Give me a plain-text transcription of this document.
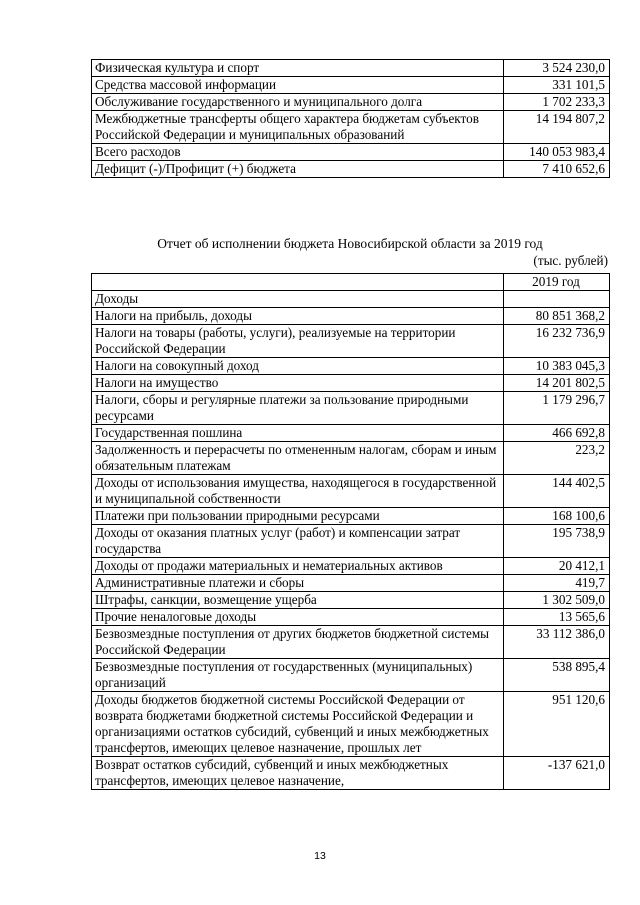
Физическая культура и спорт	3 524 230,0
Средства массовой информации	331 101,5
Обслуживание государственного и муниципального долга	1 702 233,3
Межбюджетные трансферты общего характера бюджетам субъектов Российской Федерации и муниципальных образований	14 194 807,2
Всего расходов	140 053 983,4
Дефицит (-)/Профицит (+) бюджета	7 410 652,6
Отчет об исполнении бюджета Новосибирской области за 2019 год
(тыс. рублей)
	2019 год
Доходы	
Налоги на прибыль, доходы	80 851 368,2
Налоги на товары (работы, услуги), реализуемые на территории Российской Федерации	16 232 736,9
Налоги на совокупный доход	10 383 045,3
Налоги на имущество	14 201 802,5
Налоги, сборы и регулярные платежи за пользование природными ресурсами	1 179 296,7
Государственная пошлина	466 692,8
Задолженность и перерасчеты по отмененным налогам, сборам и иным обязательным платежам	223,2
Доходы от использования имущества, находящегося в государственной и муниципальной собственности	144 402,5
Платежи при пользовании природными ресурсами	168 100,6
Доходы от оказания платных услуг (работ) и компенсации затрат государства	195 738,9
Доходы от продажи материальных и нематериальных активов	20 412,1
Административные платежи и сборы	419,7
Штрафы, санкции, возмещение ущерба	1 302 509,0
Прочие неналоговые доходы	13 565,6
Безвозмездные поступления от других бюджетов бюджетной системы Российской Федерации	33 112 386,0
Безвозмездные поступления от государственных (муниципальных) организаций	538 895,4
Доходы бюджетов бюджетной системы Российской Федерации от возврата бюджетами бюджетной системы Российской Федерации и организациями остатков субсидий, субвенций и иных межбюджетных трансфертов, имеющих целевое назначение, прошлых лет	951 120,6
Возврат остатков субсидий, субвенций и иных межбюджетных трансфертов, имеющих целевое назначение,	-137 621,0
13
